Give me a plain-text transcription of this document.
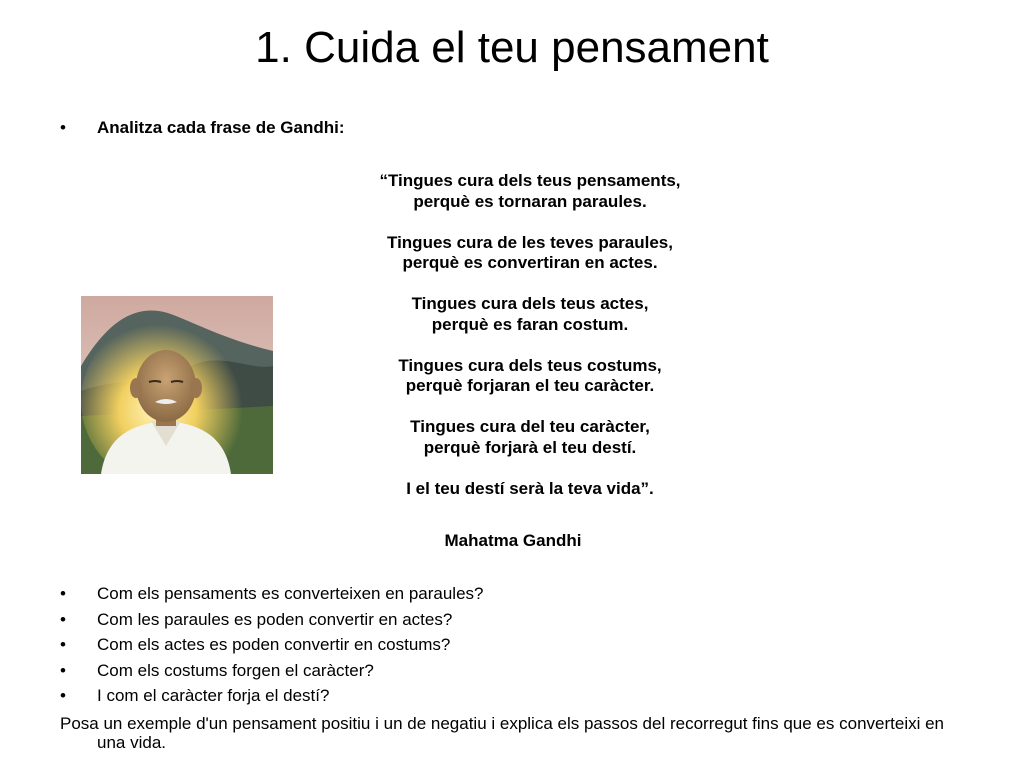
1. Cuida el teu pensament
• Analitza cada frase de Gandhi:
“Tingues cura dels teus pensaments,
perquè es tornaran paraules.
Tingues cura de les teves paraules,
perquè es convertiran en actes.
Tingues cura dels teus actes,
perquè es faran costum.
Tingues cura dels teus costums,
perquè forjaran el teu caràcter.
Tingues cura del teu caràcter,
perquè forjarà el teu destí.
I el teu destí serà la teva vida”.
Mahatma Gandhi
• Com els pensaments es converteixen en paraules?
• Com les paraules es poden convertir en actes?
• Com els actes es poden convertir en costums?
• Com els costums forgen el caràcter?
• I com el caràcter forja el destí?
Posa un exemple d'un pensament positiu i un de negatiu i explica els passos del recorregut fins que es converteixi en una vida.
